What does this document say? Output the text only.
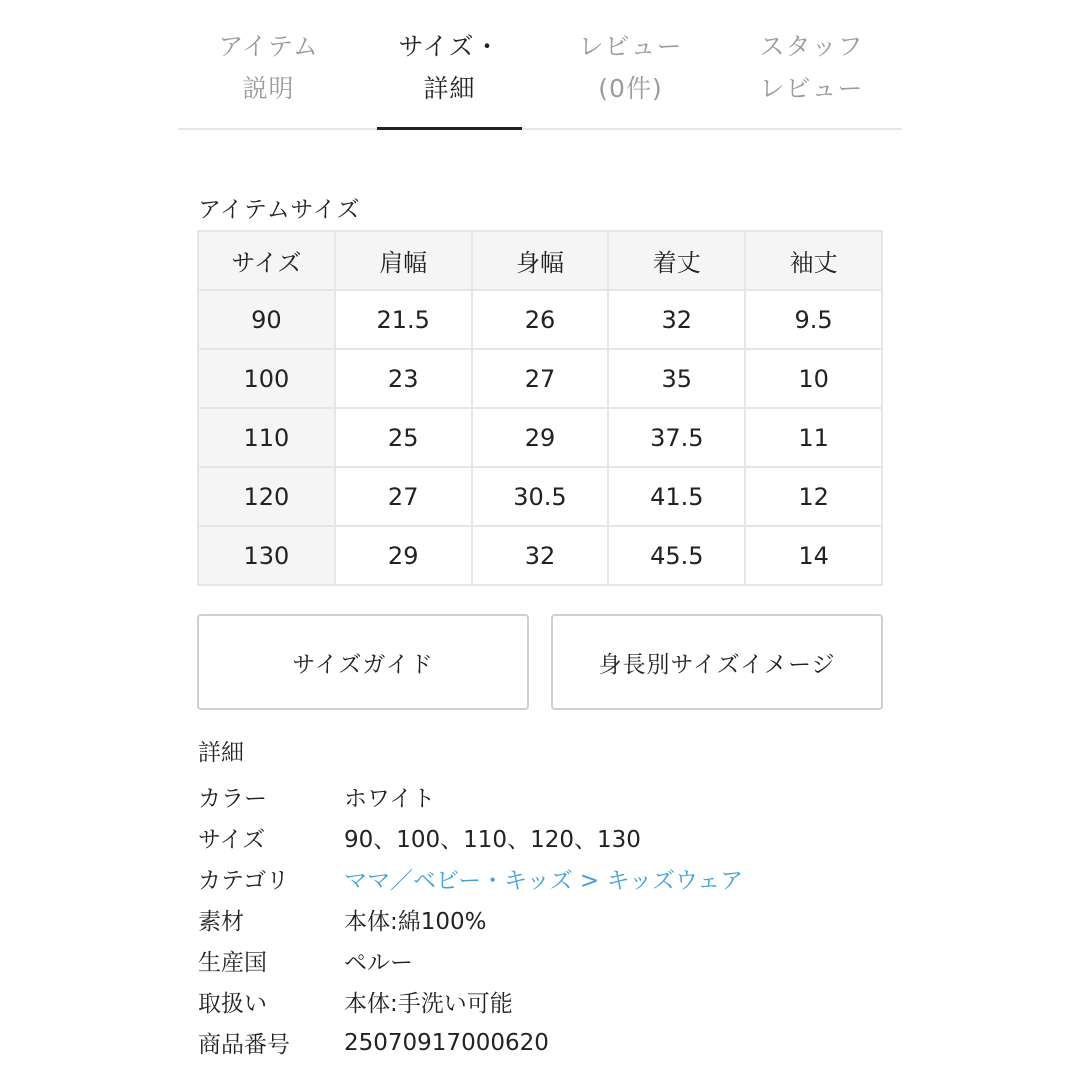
アイテム
説明
サイズ・
詳細
レビュー
(0件)
スタッフ
レビュー
アイテムサイズ
サイズ	肩幅	身幅	着丈	袖丈
90	21.5	26	32	9.5
100	23	27	35	10
110	25	29	37.5	11
120	27	30.5	41.5	12
130	29	32	45.5	14
サイズガイド	身長別サイズイメージ
詳細
カラー	ホワイト
サイズ	90、100、110、120、130
カテゴリ	ママ／ベビー・キッズ > キッズウェア
素材	本体:綿100%
生産国	ペルー
取扱い	本体:手洗い可能
商品番号	25070917000620
